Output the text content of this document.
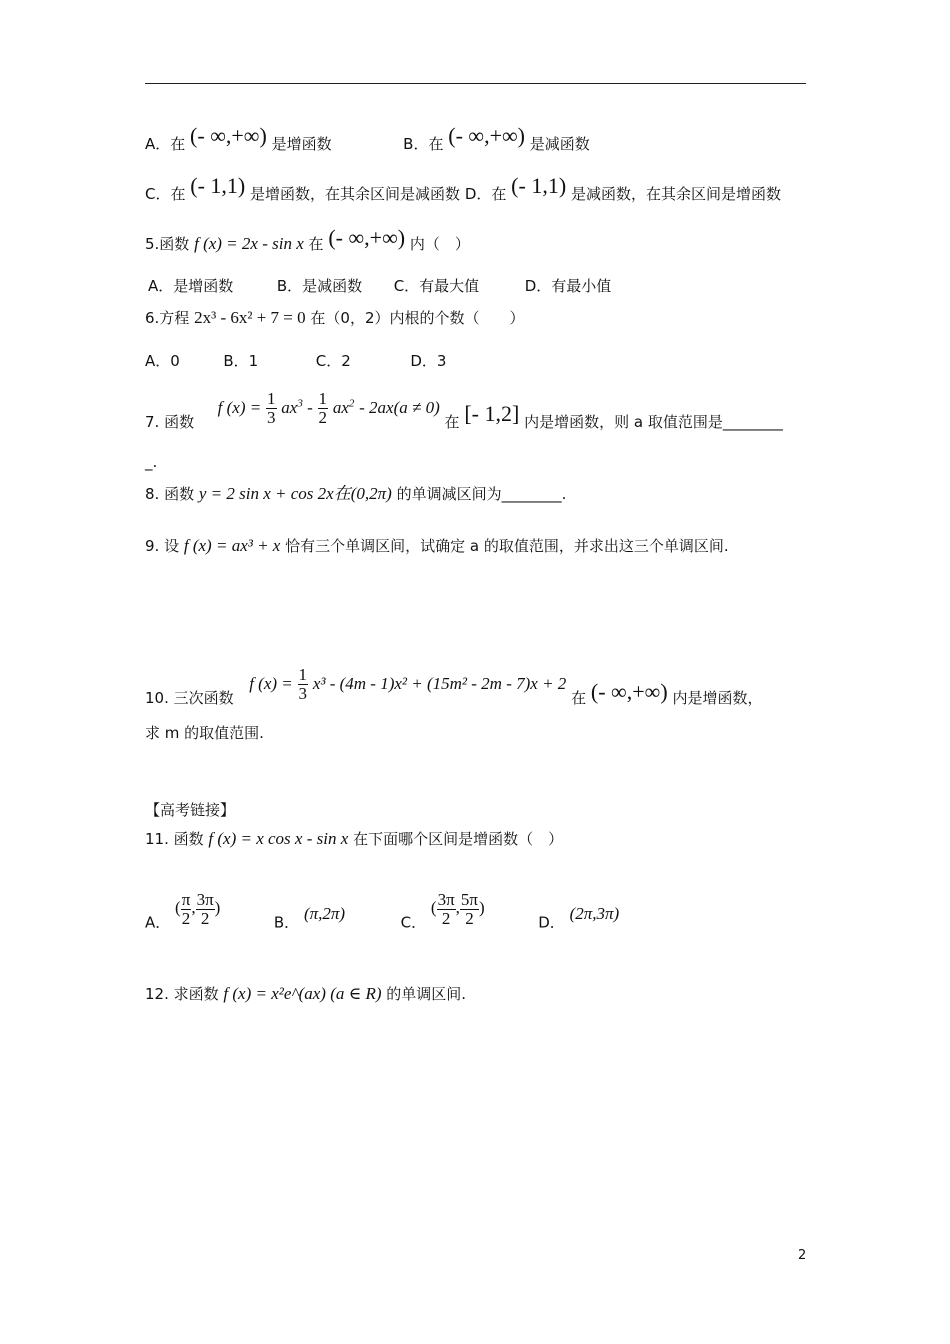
A．在 (- ∞,+∞) 是增函数	B．在 (- ∞,+∞) 是减函数
C．在 (- 1,1) 是增函数，在其余区间是减函数 D．在 (- 1,1) 是减函数，在其余区间是增函数
5.函数 f (x) = 2x - sin x 在 (- ∞,+∞) 内（　）
A．是增函数	B．是减函数 C．有最大值	D．有最小值
6.方程 2x³ - 6x² + 7 = 0 在（0，2）内根的个数（　　）
A．0	B．1	C．2	D．3
7. 函数  f $(x) = \frac{1}{3} ax^3 - \frac{1}{2} ax^2 - 2ax(a \ne 0)$ 在 [- 1,2] 内是增函数，则 a 取值范围是________
_.
8. 函数 y = 2 sin x + cos 2x在(0,2π) 的单调减区间为________.
9. 设 f (x) = ax³ + x 恰有三个单调区间，试确定 a 的取值范围，并求出这三个单调区间.
10. 三次函数  f $(x) = \frac{1}{3} x^3 - (4m - 1)x^2 + (15m^2 - 2m - 7)x + 2$ 在 (- ∞,+∞) 内是增函数，
求 m 的取值范围.
【高考链接】
11. 函数 f (x) = x cos x - sin x 在下面哪个区间是增函数（　）
A． ( $\frac{\pi}{2}$ , $\frac{3\pi}{2}$ )  B． (π,2π)	C． ( $\frac{3\pi}{2}$ , $\frac{5\pi}{2}$ )  D． (2π,3π)
12. 求函数 f (x) = x²e^(ax) (a ∈ R) 的单调区间.
2
